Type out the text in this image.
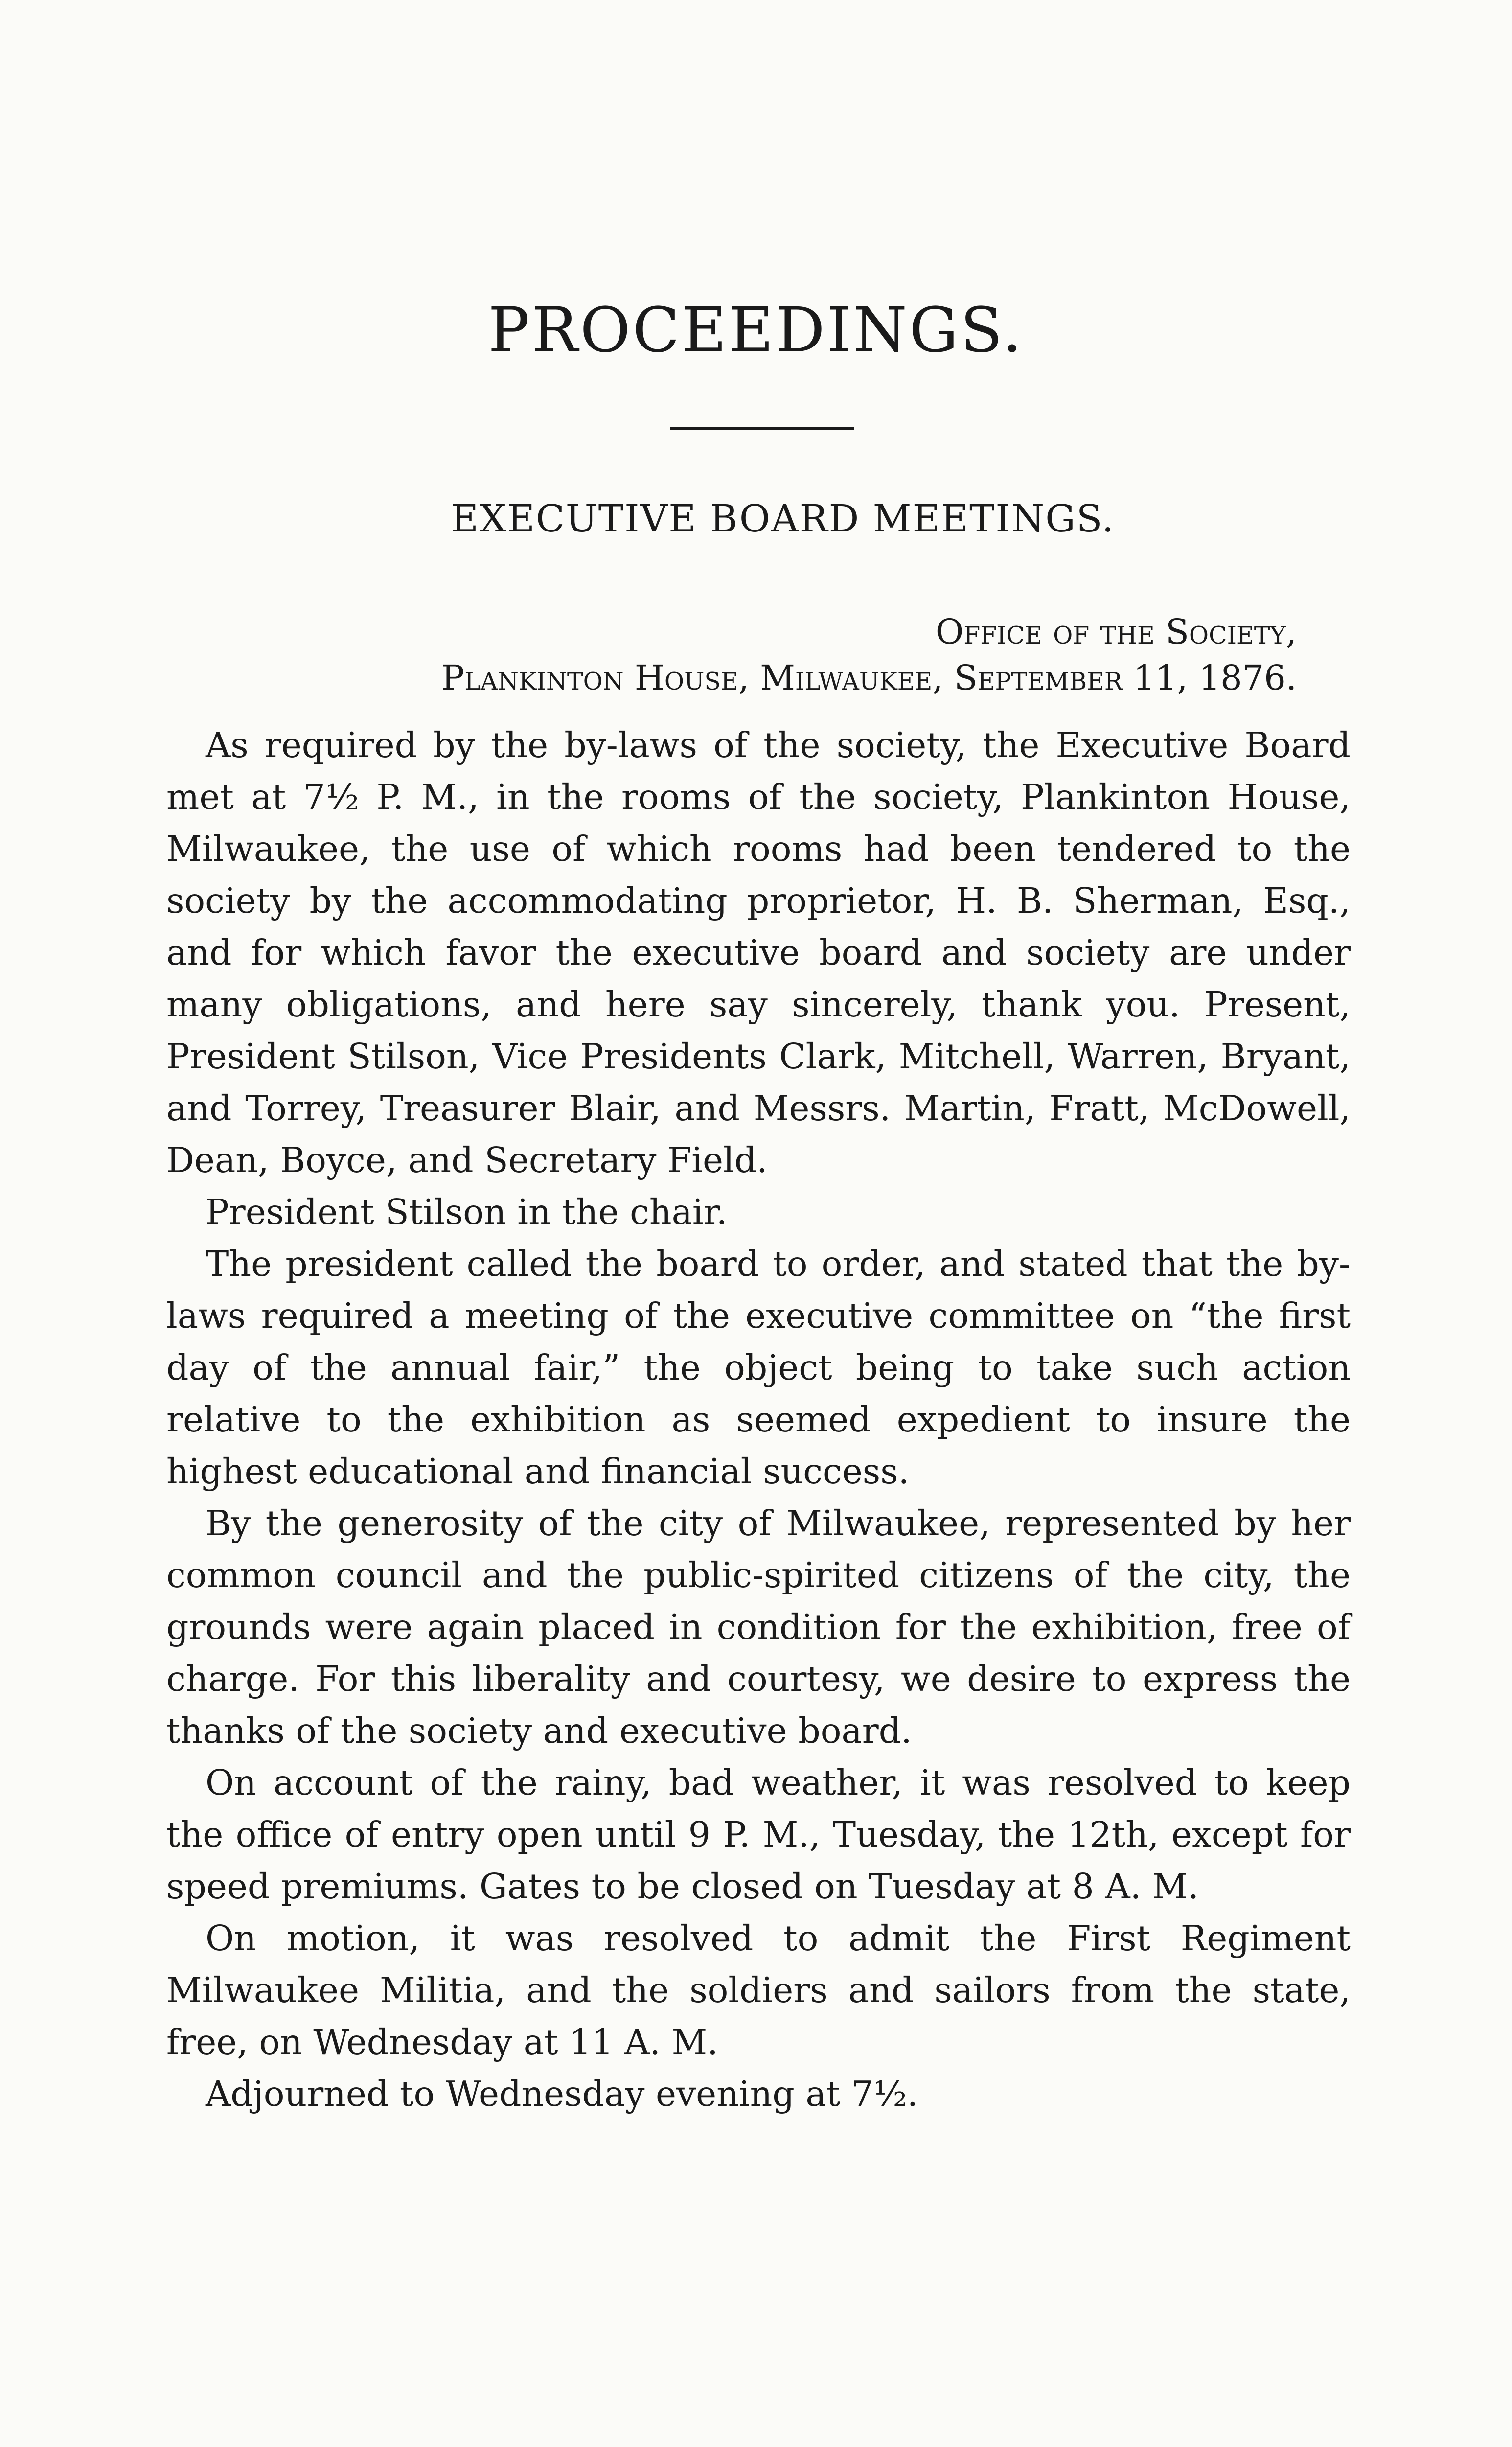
PROCEEDINGS.
EXECUTIVE BOARD MEETINGS.
Office of the Society,
Plankinton House, Milwaukee, September 11, 1876.

As required by the by-laws of the society, the Executive Board met at 7½ P. M., in the rooms of the society, Plankinton House, Milwaukee, the use of which rooms had been tendered to the society by the accommodating proprietor, H. B. Sherman, Esq., and for which favor the executive board and society are under many obligations, and here say sincerely, thank you. Present, President Stilson, Vice Presidents Clark, Mitchell, Warren, Bryant, and Torrey, Treasurer Blair, and Messrs. Martin, Fratt, McDowell, Dean, Boyce, and Secretary Field.

President Stilson in the chair.

The president called the board to order, and stated that the by-laws required a meeting of the executive committee on “the first day of the annual fair,” the object being to take such action relative to the exhibition as seemed expedient to insure the highest educational and financial success.

By the generosity of the city of Milwaukee, represented by her common council and the public-spirited citizens of the city, the grounds were again placed in condition for the exhibition, free of charge. For this liberality and courtesy, we desire to express the thanks of the society and executive board.

On account of the rainy, bad weather, it was resolved to keep the office of entry open until 9 P. M., Tuesday, the 12th, except for speed premiums. Gates to be closed on Tuesday at 8 A. M.

On motion, it was resolved to admit the First Regiment Milwaukee Militia, and the soldiers and sailors from the state, free, on Wednesday at 11 A. M.

Adjourned to Wednesday evening at 7½.
